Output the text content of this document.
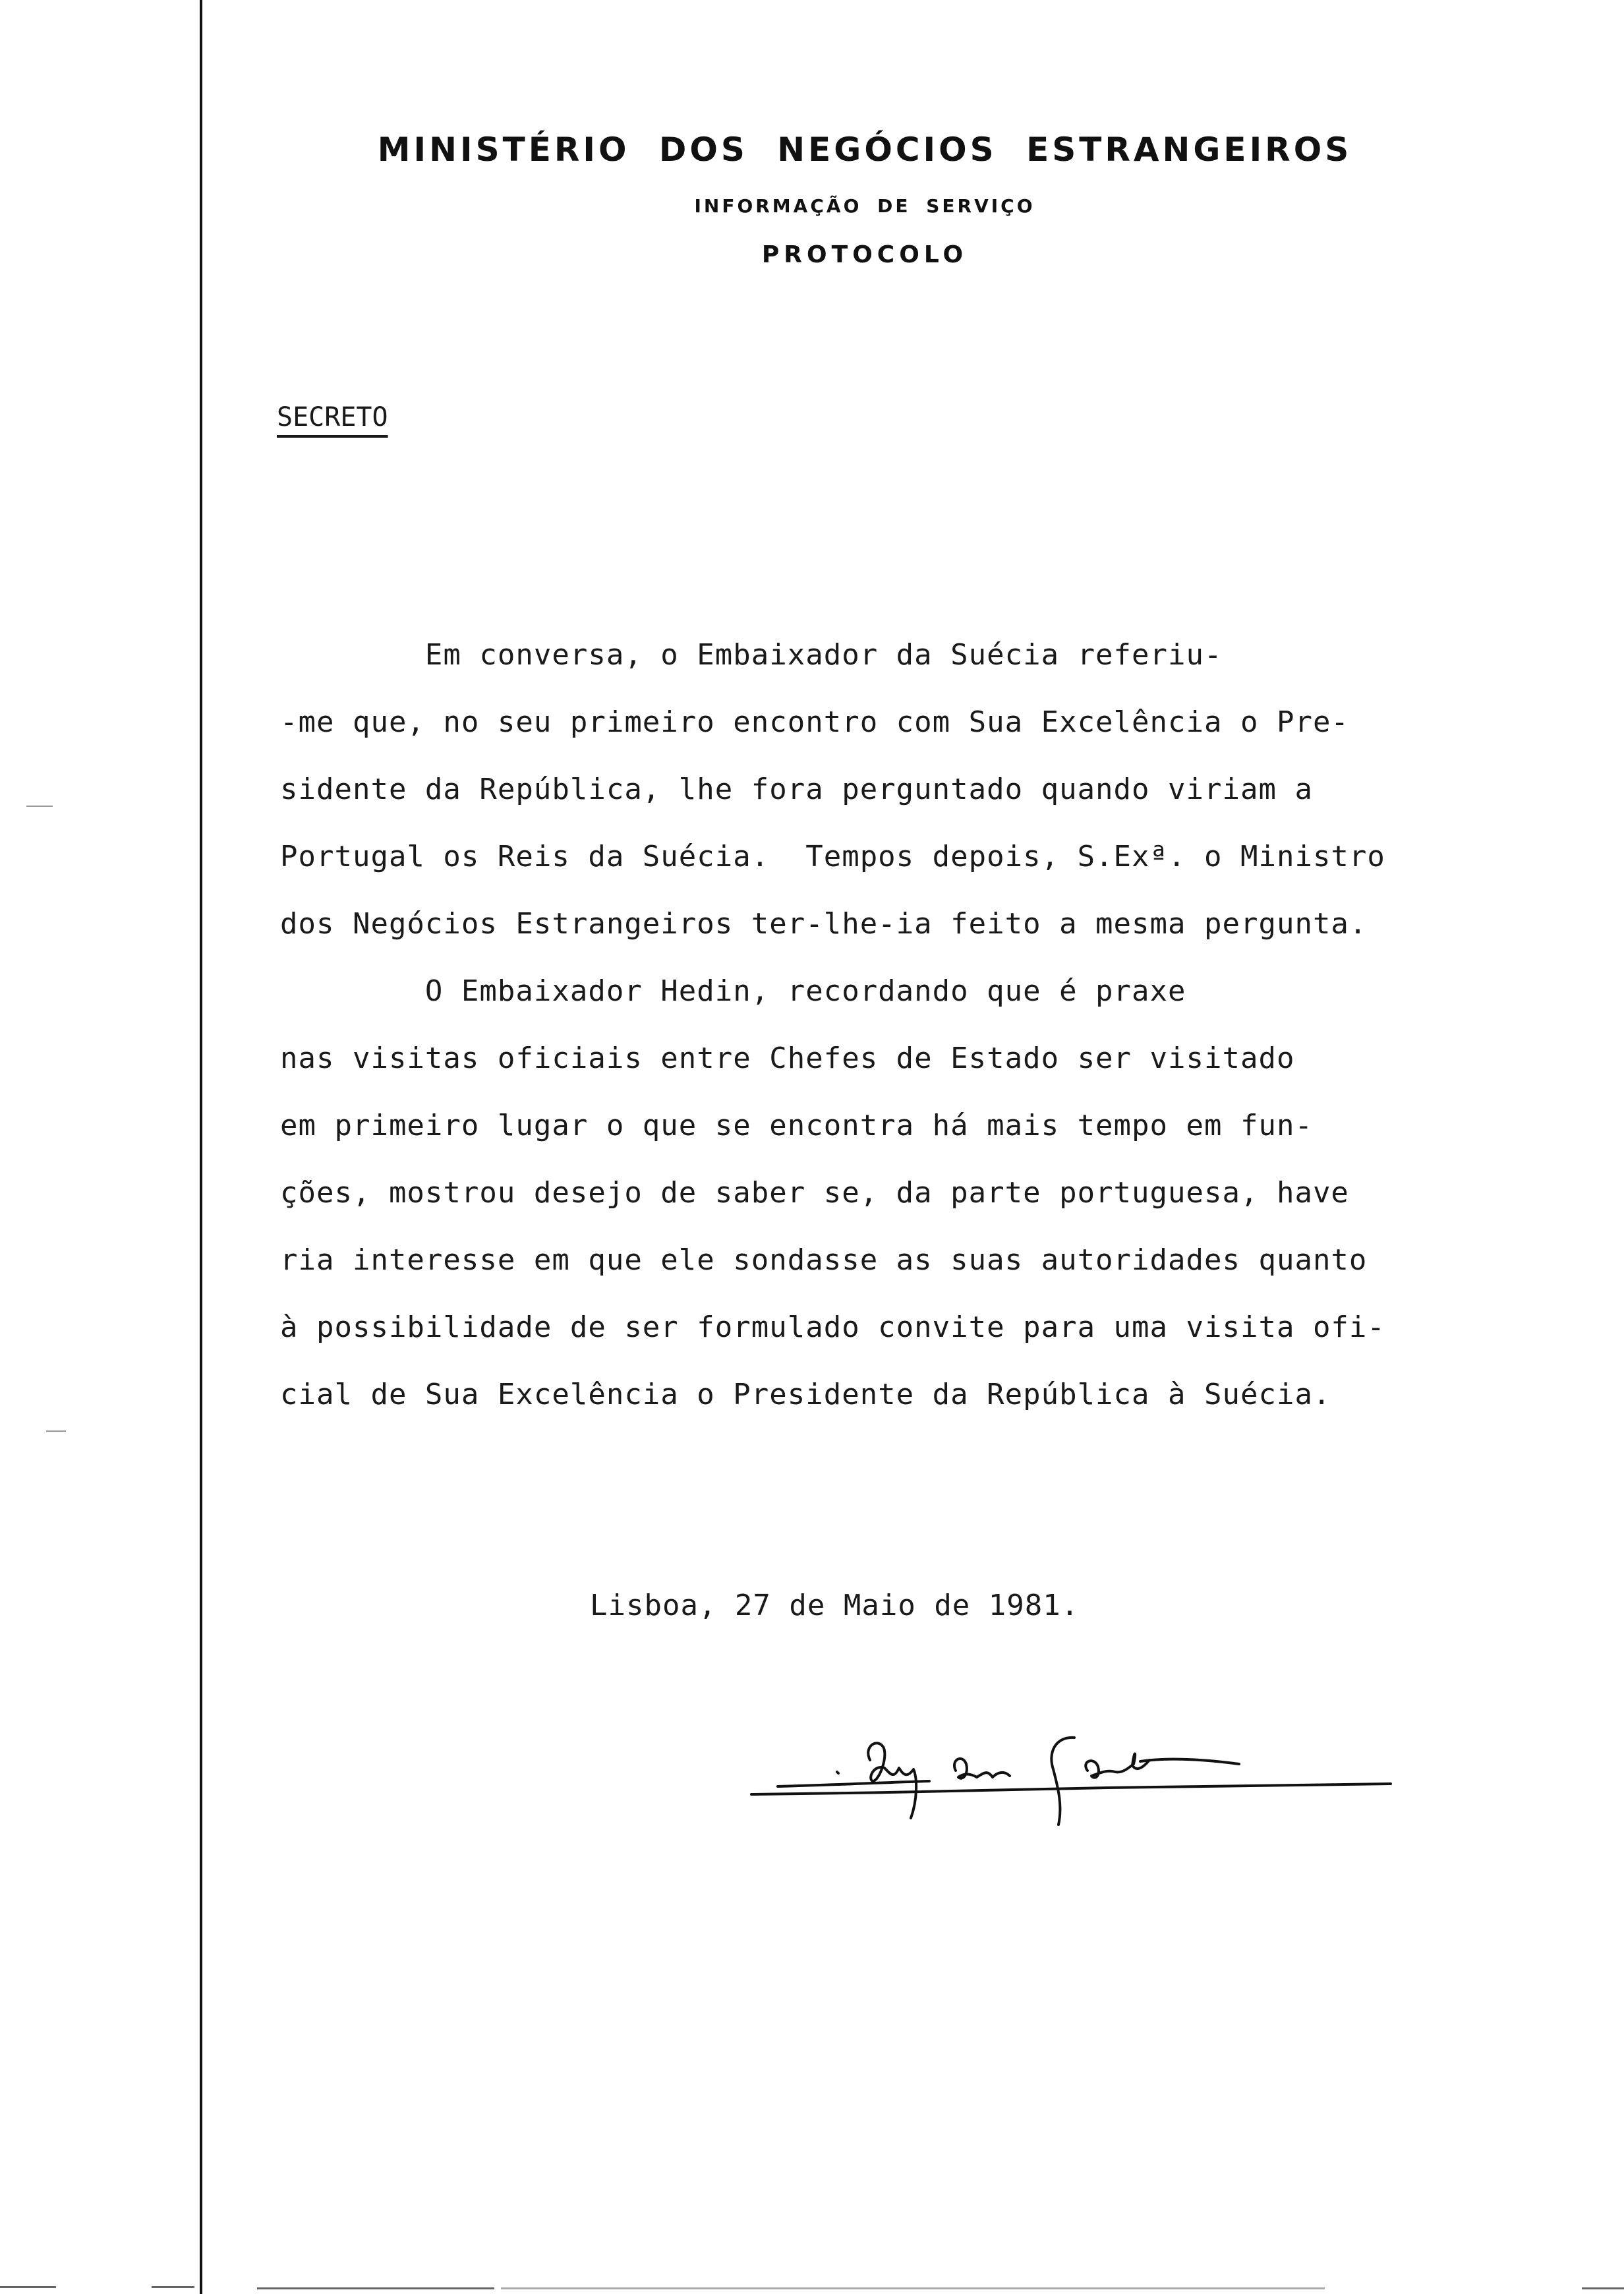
MINISTÉRIO DOS NEGÓCIOS ESTRANGEIROS
INFORMAÇÃO DE SERVIÇO
PROTOCOLO
SECRETO
Em conversa, o Embaixador da Suécia referiu-
-me que, no seu primeiro encontro com Sua Excelência o Pre-
sidente da República, lhe fora perguntado quando viriam a
Portugal os Reis da Suécia.  Tempos depois, S.Exª. o Ministro
dos Negócios Estrangeiros ter-lhe-ia feito a mesma pergunta.
O Embaixador Hedin, recordando que é praxe
nas visitas oficiais entre Chefes de Estado ser visitado
em primeiro lugar o que se encontra há mais tempo em fun-
ções, mostrou desejo de saber se, da parte portuguesa, have
ria interesse em que ele sondasse as suas autoridades quanto
à possibilidade de ser formulado convite para uma visita ofi-
cial de Sua Excelência o Presidente da República à Suécia.
Lisboa, 27 de Maio de 1981.
